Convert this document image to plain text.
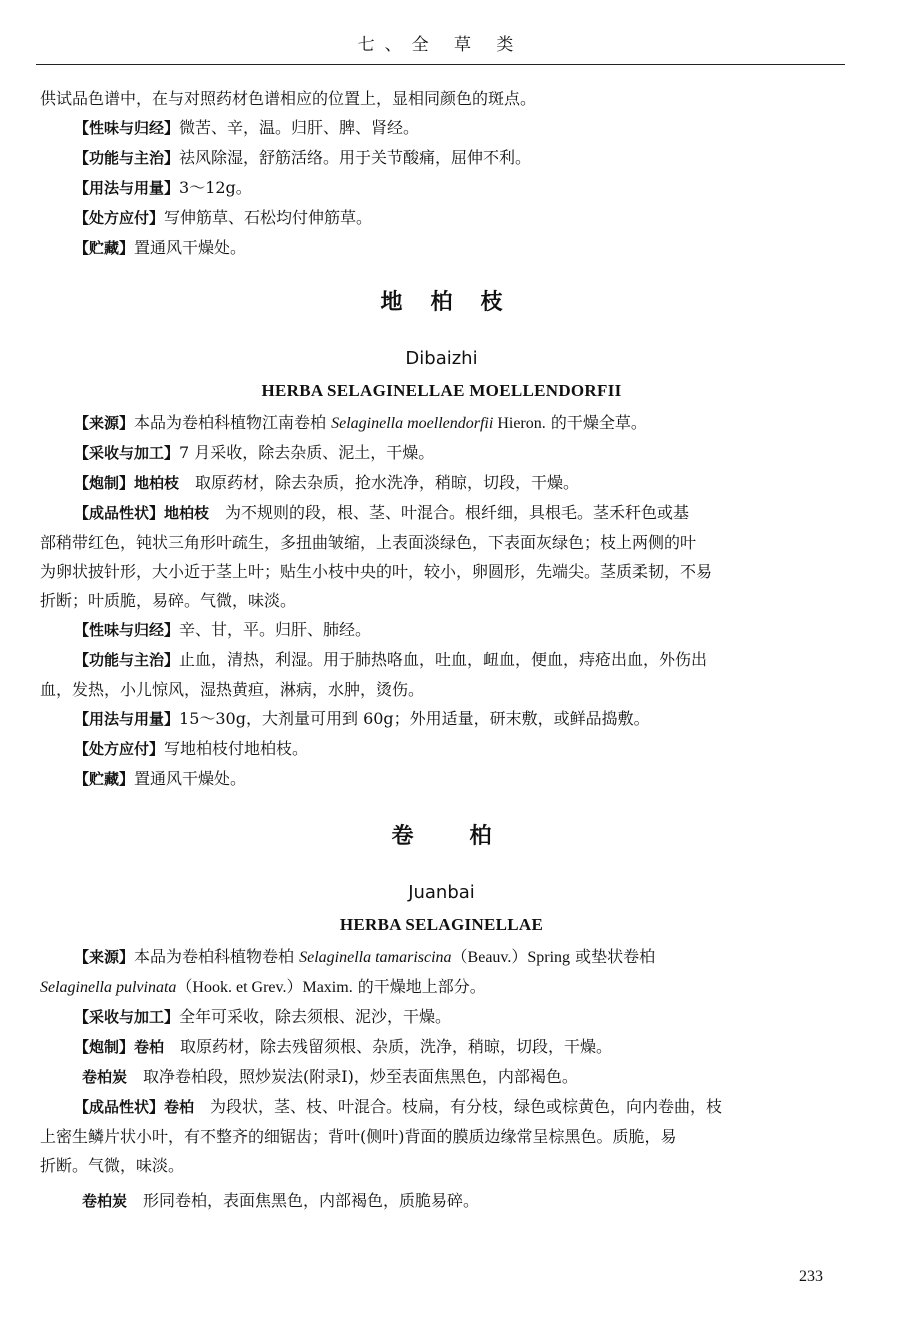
七、全 草 类

供试品色谱中，在与对照药材色谱相应的位置上，显相同颜色的斑点。

【性味与归经】微苦、辛，温。归肝、脾、肾经。

【功能与主治】祛风除湿，舒筋活络。用于关节酸痛，屈伸不利。

【用法与用量】3～12g。

【处方应付】写伸筋草、石松均付伸筋草。

【贮藏】置通风干燥处。

地柏枝

Dibaizhi

HERBA SELAGINELLAE MOELLENDORFII

【来源】本品为卷柏科植物江南卷柏 Selaginella moellendorfii Hieron. 的干燥全草。

【采收与加工】7 月采收，除去杂质、泥土，干燥。

【炮制】地柏枝　取原药材，除去杂质，抢水洗净，稍晾，切段，干燥。

【成品性状】地柏枝　为不规则的段，根、茎、叶混合。根纤细，具根毛。茎禾秆色或基

部稍带红色，钝状三角形叶疏生，多扭曲皱缩，上表面淡绿色，下表面灰绿色；枝上两侧的叶

为卵状披针形，大小近于茎上叶；贴生小枝中央的叶，较小，卵圆形，先端尖。茎质柔韧，不易

折断；叶质脆，易碎。气微，味淡。

【性味与归经】辛、甘，平。归肝、肺经。

【功能与主治】止血，清热，利湿。用于肺热咯血，吐血，衄血，便血，痔疮出血，外伤出

血，发热，小儿惊风，湿热黄疸，淋病，水肿，烫伤。

【用法与用量】15～30g，大剂量可用到 60g；外用适量，研末敷，或鲜品捣敷。

【处方应付】写地柏枝付地柏枝。

【贮藏】置通风干燥处。

卷柏

Juanbai

HERBA SELAGINELLAE

【来源】本品为卷柏科植物卷柏 Selaginella tamariscina（Beauv.）Spring 或垫状卷柏

Selaginella pulvinata（Hook. et Grev.）Maxim. 的干燥地上部分。

【采收与加工】全年可采收，除去须根、泥沙，干燥。

【炮制】卷柏　取原药材，除去残留须根、杂质，洗净，稍晾，切段，干燥。

卷柏炭　取净卷柏段，照炒炭法(附录Ⅰ)，炒至表面焦黑色，内部褐色。

【成品性状】卷柏　为段状，茎、枝、叶混合。枝扁，有分枝，绿色或棕黄色，向内卷曲，枝

上密生鳞片状小叶，有不整齐的细锯齿；背叶(侧叶)背面的膜质边缘常呈棕黑色。质脆，易

折断。气微，味淡。

卷柏炭　形同卷柏，表面焦黑色，内部褐色，质脆易碎。

233
